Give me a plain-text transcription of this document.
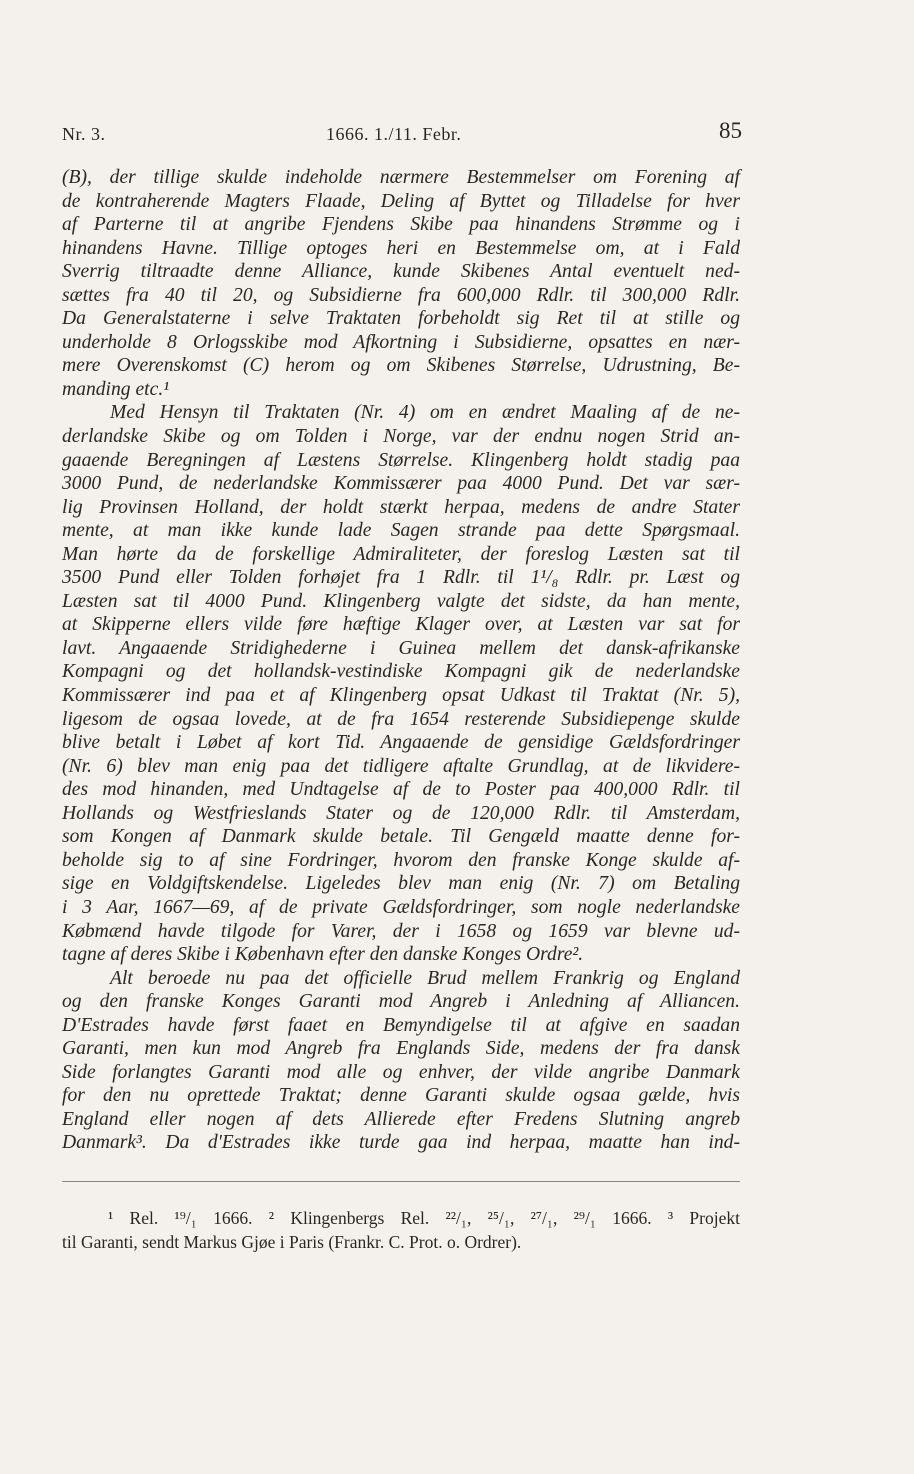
Nr. 3.	1666. 1./11. Febr.	85
(B), der tillige skulde indeholde nærmere Bestemmelser om Forening af
de kontraherende Magters Flaade, Deling af Byttet og Tilladelse for hver
af Parterne til at angribe Fjendens Skibe paa hinandens Strømme og i
hinandens Havne. Tillige optoges heri en Bestemmelse om, at i Fald
Sverrig tiltraadte denne Alliance, kunde Skibenes Antal eventuelt ned-
sættes fra 40 til 20, og Subsidierne fra 600,000 Rdlr. til 300,000 Rdlr.
Da Generalstaterne i selve Traktaten forbeholdt sig Ret til at stille og
underholde 8 Orlogsskibe mod Afkortning i Subsidierne, opsattes en nær-
mere Overenskomst (C) herom og om Skibenes Størrelse, Udrustning, Be-
manding etc.¹
Med Hensyn til Traktaten (Nr. 4) om en ændret Maaling af de ne-
derlandske Skibe og om Tolden i Norge, var der endnu nogen Strid an-
gaaende Beregningen af Læstens Størrelse. Klingenberg holdt stadig paa
3000 Pund, de nederlandske Kommissærer paa 4000 Pund. Det var sær-
lig Provinsen Holland, der holdt stærkt herpaa, medens de andre Stater
mente, at man ikke kunde lade Sagen strande paa dette Spørgsmaal.
Man hørte da de forskellige Admiraliteter, der foreslog Læsten sat til
3500 Pund eller Tolden forhøjet fra 1 Rdlr. til 1¹/₈ Rdlr. pr. Læst og
Læsten sat til 4000 Pund. Klingenberg valgte det sidste, da han mente,
at Skipperne ellers vilde føre hæftige Klager over, at Læsten var sat for
lavt. Angaaende Stridighederne i Guinea mellem det dansk-afrikanske
Kompagni og det hollandsk-vestindiske Kompagni gik de nederlandske
Kommissærer ind paa et af Klingenberg opsat Udkast til Traktat (Nr. 5),
ligesom de ogsaa lovede, at de fra 1654 resterende Subsidiepenge skulde
blive betalt i Løbet af kort Tid. Angaaende de gensidige Gældsfordringer
(Nr. 6) blev man enig paa det tidligere aftalte Grundlag, at de likvidere-
des mod hinanden, med Undtagelse af de to Poster paa 400,000 Rdlr. til
Hollands og Westfrieslands Stater og de 120,000 Rdlr. til Amsterdam,
som Kongen af Danmark skulde betale. Til Gengæld maatte denne for-
beholde sig to af sine Fordringer, hvorom den franske Konge skulde af-
sige en Voldgiftskendelse. Ligeledes blev man enig (Nr. 7) om Betaling
i 3 Aar, 1667—69, af de private Gældsfordringer, som nogle nederlandske
Købmænd havde tilgode for Varer, der i 1658 og 1659 var blevne ud-
tagne af deres Skibe i København efter den danske Konges Ordre².
Alt beroede nu paa det officielle Brud mellem Frankrig og England
og den franske Konges Garanti mod Angreb i Anledning af Alliancen.
D'Estrades havde først faaet en Bemyndigelse til at afgive en saadan
Garanti, men kun mod Angreb fra Englands Side, medens der fra dansk
Side forlangtes Garanti mod alle og enhver, der vilde angribe Danmark
for den nu oprettede Traktat; denne Garanti skulde ogsaa gælde, hvis
England eller nogen af dets Allierede efter Fredens Slutning angreb
Danmark³. Da d'Estrades ikke turde gaa ind herpaa, maatte han ind-
¹ Rel. ¹⁹/₁ 1666. ² Klingenbergs Rel. ²²/₁, ²⁵/₁, ²⁷/₁, ²⁹/₁ 1666. ³ Projekt
til Garanti, sendt Markus Gjøe i Paris (Frankr. C. Prot. o. Ordrer).
